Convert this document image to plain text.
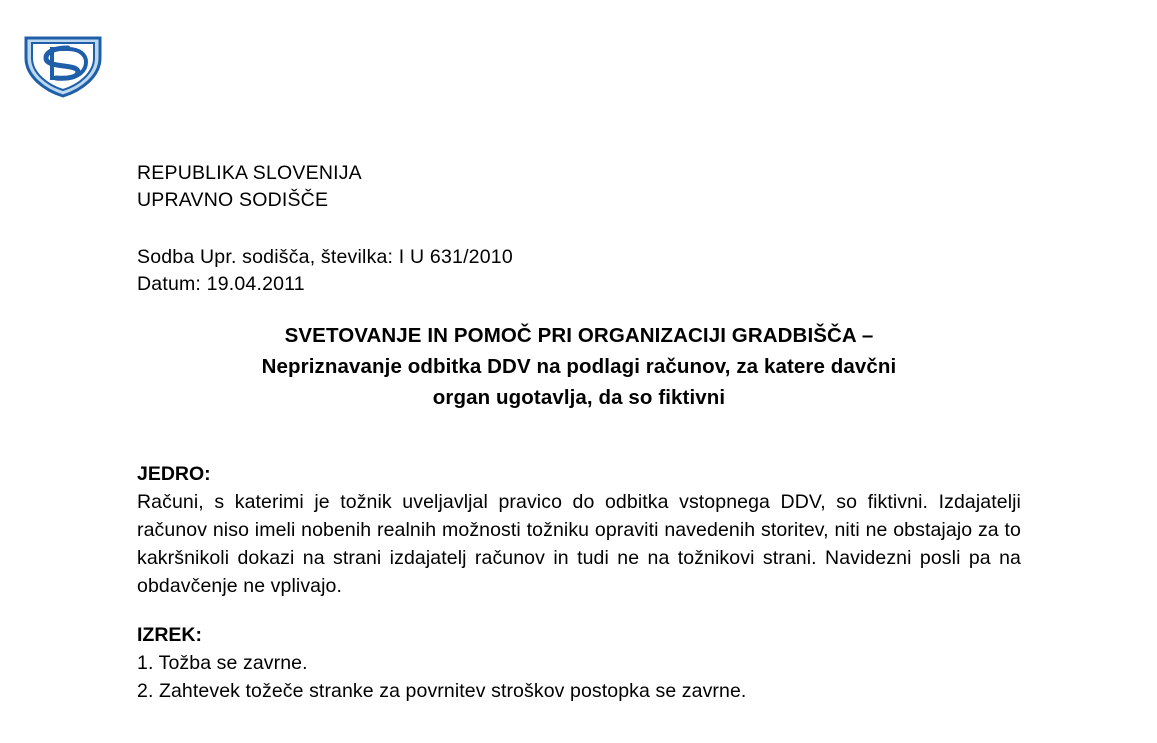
REPUBLIKA SLOVENIJA
UPRAVNO SODIŠČE
Sodba Upr. sodišča, številka: I U 631/2010
Datum: 19.04.2011
SVETOVANJE IN POMOČ PRI ORGANIZACIJI GRADBIŠČA –
Nepriznavanje odbitka DDV na podlagi računov, za katere davčni
organ ugotavlja, da so fiktivni
JEDRO:
Računi, s katerimi je tožnik uveljavljal pravico do odbitka vstopnega DDV, so fiktivni. Izdajatelji računov niso imeli nobenih realnih možnosti tožniku opraviti navedenih storitev, niti ne obstajajo za to kakršnikoli dokazi na strani izdajatelj računov in tudi ne na tožnikovi strani. Navidezni posli pa na obdavčenje ne vplivajo.
IZREK:
1. Tožba se zavrne.
2. Zahtevek tožeče stranke za povrnitev stroškov postopka se zavrne.
